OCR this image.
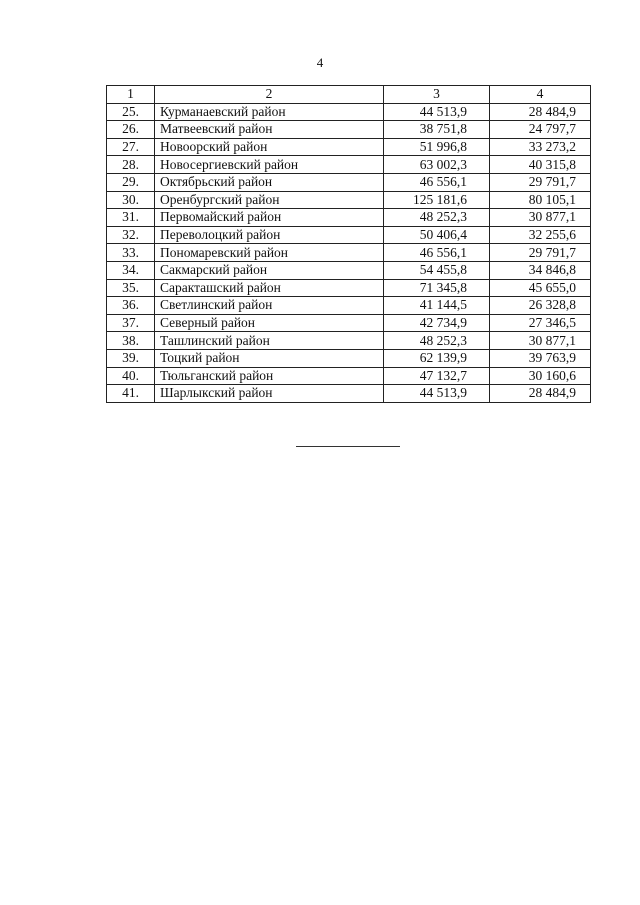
4
1	2	3	4
25.	Курманаевский район	44 513,9	28 484,9
26.	Матвеевский район	38 751,8	24 797,7
27.	Новоорский район	51 996,8	33 273,2
28.	Новосергиевский район	63 002,3	40 315,8
29.	Октябрьский район	46 556,1	29 791,7
30.	Оренбургский район	125 181,6	80 105,1
31.	Первомайский район	48 252,3	30 877,1
32.	Переволоцкий район	50 406,4	32 255,6
33.	Пономаревский район	46 556,1	29 791,7
34.	Сакмарский район	54 455,8	34 846,8
35.	Саракташский район	71 345,8	45 655,0
36.	Светлинский район	41 144,5	26 328,8
37.	Северный район	42 734,9	27 346,5
38.	Ташлинский район	48 252,3	30 877,1
39.	Тоцкий район	62 139,9	39 763,9
40.	Тюльганский район	47 132,7	30 160,6
41.	Шарлыкский район	44 513,9	28 484,9
